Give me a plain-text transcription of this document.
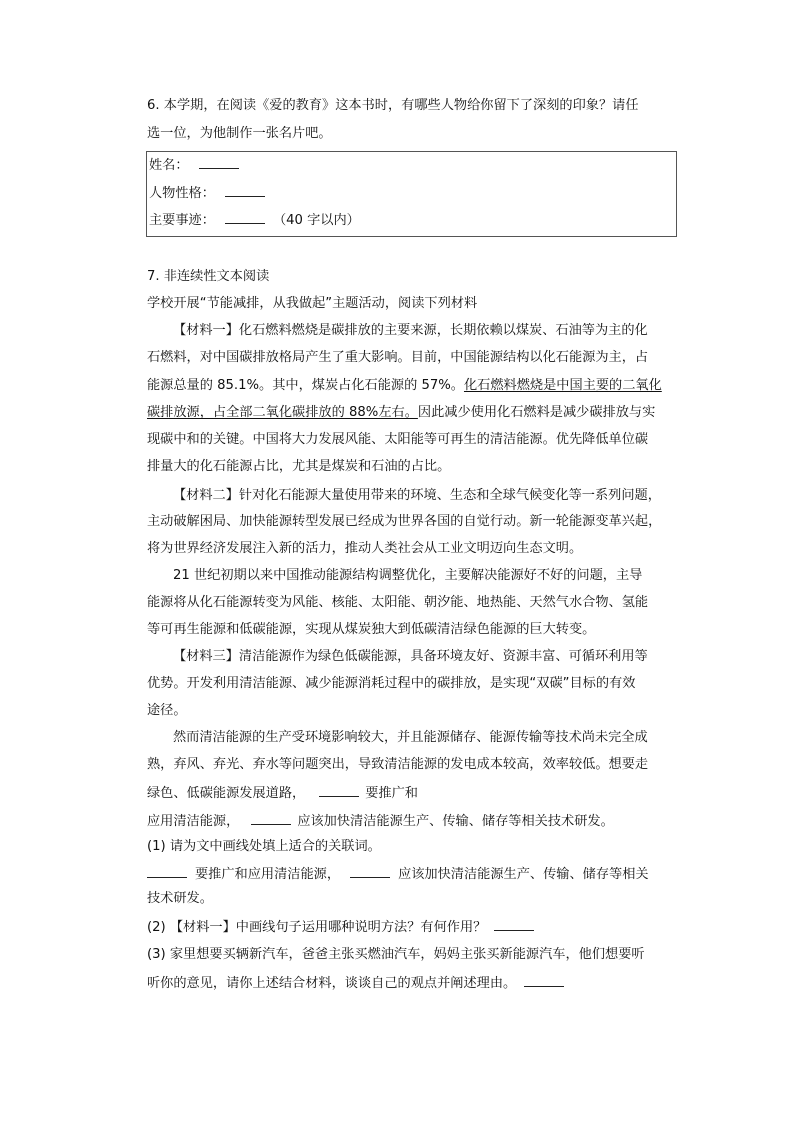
6. 本学期，在阅读《爱的教育》这本书时，有哪些人物给你留下了深刻的印象？请任
选一位，为他制作一张名片吧。
姓名：
人物性格：
主要事迹：	（40 字以内）
7. 非连续性文本阅读
学校开展“节能减排，从我做起”主题活动，阅读下列材料
【材料一】化石燃料燃烧是碳排放的主要来源，长期依赖以煤炭、石油等为主的化
石燃料，对中国碳排放格局产生了重大影响。目前，中国能源结构以化石能源为主，占
能源总量的 85.1%。其中，煤炭占化石能源的 57%。化石燃料燃烧是中国主要的二氧化
碳排放源，占全部二氧化碳排放的 88%左右。因此减少使用化石燃料是减少碳排放与实
现碳中和的关键。中国将大力发展风能、太阳能等可再生的清洁能源。优先降低单位碳
排量大的化石能源占比，尤其是煤炭和石油的占比。
【材料二】针对化石能源大量使用带来的环境、生态和全球气候变化等一系列问题，
主动破解困局、加快能源转型发展已经成为世界各国的自觉行动。新一轮能源变革兴起，
将为世界经济发展注入新的活力，推动人类社会从工业文明迈向生态文明。
21 世纪初期以来中国推动能源结构调整优化，主要解决能源好不好的问题，主导
能源将从化石能源转变为风能、核能、太阳能、朝汐能、地热能、天然气水合物、氢能
等可再生能源和低碳能源，实现从煤炭独大到低碳清洁绿色能源的巨大转变。
【材料三】清洁能源作为绿色低碳能源，具备环境友好、资源丰富、可循环利用等
优势。开发利用清洁能源、减少能源消耗过程中的碳排放，是实现“双碳”目标的有效
途径。
然而清洁能源的生产受环境影响较大，并且能源储存、能源传输等技术尚未完全成
熟，弃风、弃光、弃水等问题突出，导致清洁能源的发电成本较高，效率较低。想要走
绿色、低碳能源发展道路，	要推广和
应用清洁能源，	应该加快清洁能源生产、传输、储存等相关技术研发。
(1) 请为文中画线处填上适合的关联词。
要推广和应用清洁能源，	应该加快清洁能源生产、传输、储存等相关
技术研发。
(2) 【材料一】中画线句子运用哪种说明方法？有何作用？
(3) 家里想要买辆新汽车，爸爸主张买燃油汽车，妈妈主张买新能源汽车，他们想要听
听你的意见，请你上述结合材料，谈谈自己的观点并阐述理由。
